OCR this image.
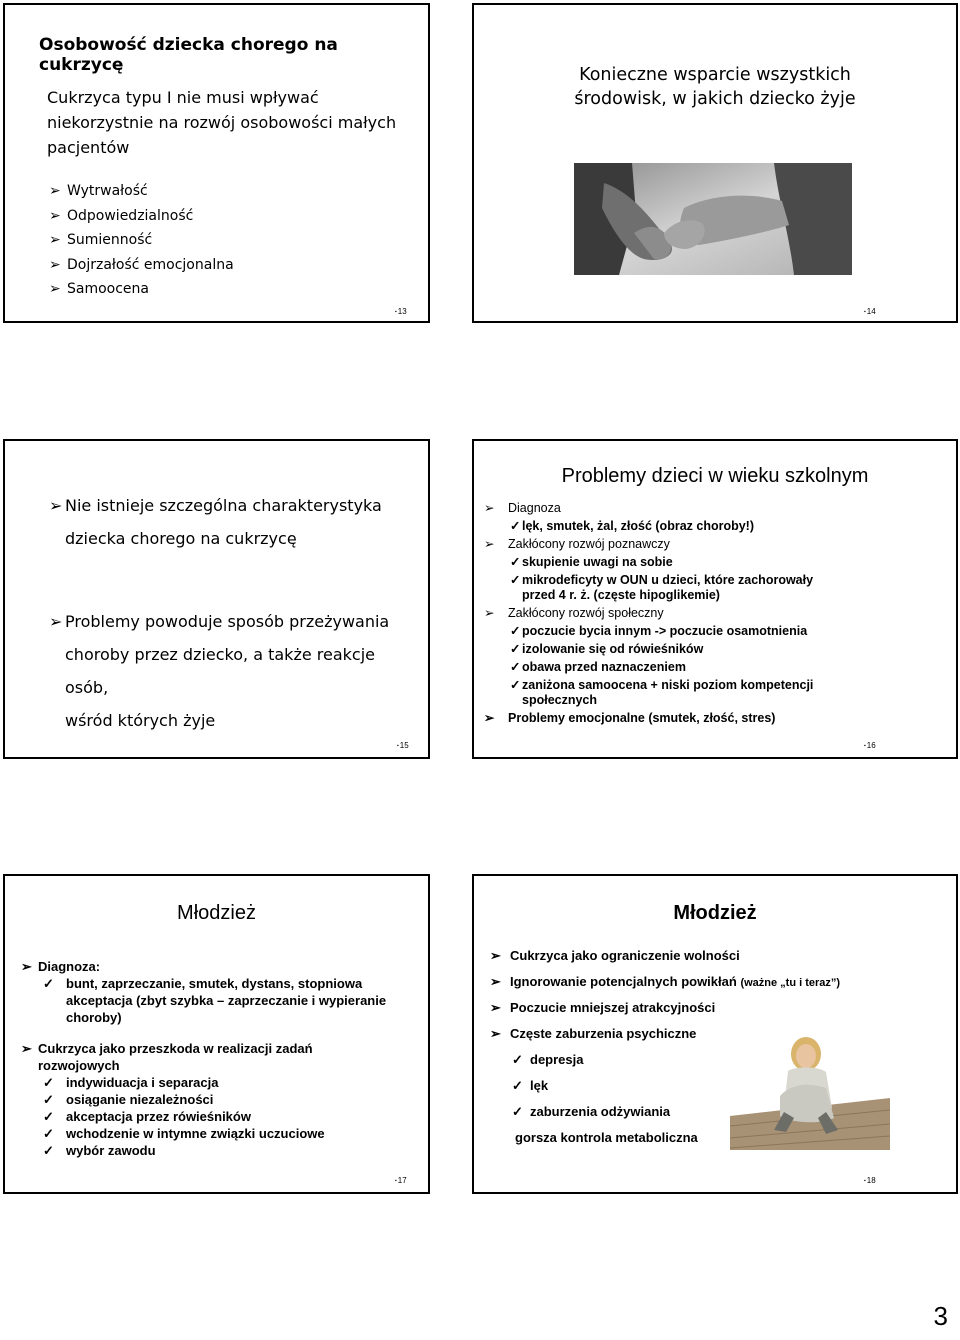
Osobowość dziecka chorego na cukrzycę
Cukrzyca typu I nie musi wpływać niekorzystnie na rozwój osobowości małych pacjentów
➢ Wytrwałość
➢ Odpowiedzialność
➢ Sumienność
➢ Dojrzałość emocjonalna
➢ Samoocena
▪ 13
Konieczne wsparcie wszystkich
środowisk, w jakich dziecko żyje
▪ 14
➢ Nie istnieje szczególna charakterystyka
dziecka chorego na cukrzycę
➢ Problemy powoduje sposób przeżywania
choroby przez dziecko, a także reakcje osób,
wśród których żyje
▪ 15
Problemy dzieci w wieku szkolnym
➢ Diagnoza
✓ lęk, smutek, żal, złość (obraz choroby!)
➢ Zakłócony rozwój poznawczy
✓ skupienie uwagi na sobie
✓ mikrodeficyty w OUN u dzieci, które zachorowały
przed 4 r. ż. (częste hipoglikemie)
➢ Zakłócony rozwój społeczny
✓ poczucie bycia innym -> poczucie osamotnienia
✓ izolowanie się od rówieśników
✓ obawa przed naznaczeniem
✓ zaniżona samoocena + niski poziom kompetencji
społecznych
➢ Problemy emocjonalne (smutek, złość, stres)
▪ 16
Młodzież
➢ Diagnoza:
✓ bunt, zaprzeczanie, smutek, dystans, stopniowa
akceptacja (zbyt szybka – zaprzeczanie i wypieranie
choroby)
➢ Cukrzyca jako przeszkoda w realizacji zadań
rozwojowych
✓ indywiduacja i separacja
✓ osiąganie niezależności
✓ akceptacja przez rówieśników
✓ wchodzenie w intymne związki uczuciowe
✓ wybór zawodu
▪ 17
Młodzież
➢ Cukrzyca jako ograniczenie wolności
➢ Ignorowanie potencjalnych powikłań (ważne „tu i teraz”)
➢ Poczucie mniejszej atrakcyjności
➢ Częste zaburzenia psychiczne
✓ depresja
✓ lęk
✓ zaburzenia odżywiania
gorsza kontrola metaboliczna
▪ 18
3
